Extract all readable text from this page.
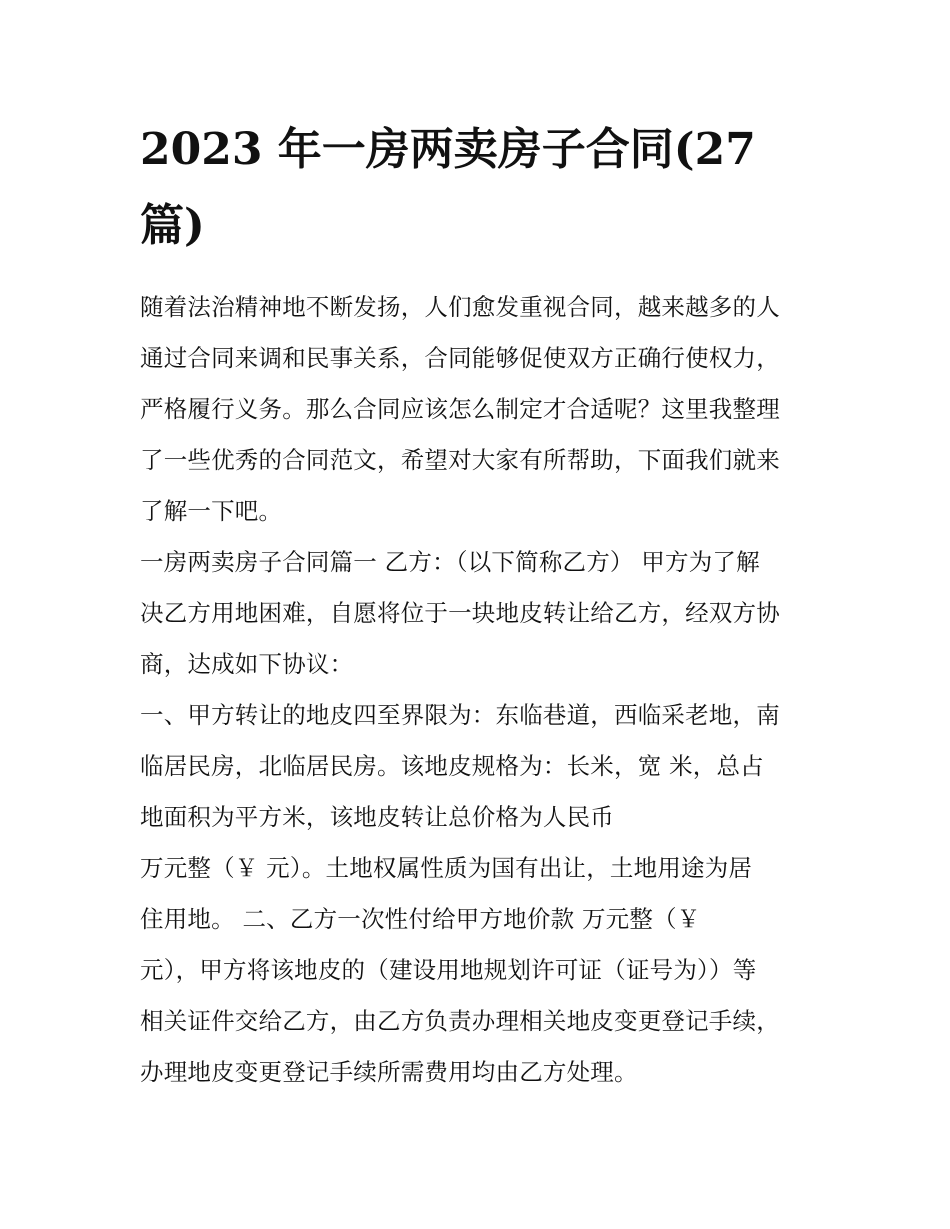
2023 年一房两卖房子合同(27
篇)
随着法治精神地不断发扬，人们愈发重视合同，越来越多的人
通过合同来调和民事关系，合同能够促使双方正确行使权力，
严格履行义务。那么合同应该怎么制定才合适呢？这里我整理
了一些优秀的合同范文，希望对大家有所帮助，下面我们就来
了解一下吧。
一房两卖房子合同篇一 乙方：（以下简称乙方） 甲方为了解
决乙方用地困难，自愿将位于一块地皮转让给乙方，经双方协
商，达成如下协议：
一、甲方转让的地皮四至界限为：东临巷道，西临采老地，南
临居民房，北临居民房。该地皮规格为：长米，宽 米，总占
地面积为平方米，该地皮转让总价格为人民币
万元整（￥ 元）。土地权属性质为国有出让，土地用途为居
住用地。 二、乙方一次性付给甲方地价款 万元整（￥
元），甲方将该地皮的（建设用地规划许可证（证号为））等
相关证件交给乙方，由乙方负责办理相关地皮变更登记手续，
办理地皮变更登记手续所需费用均由乙方处理。
